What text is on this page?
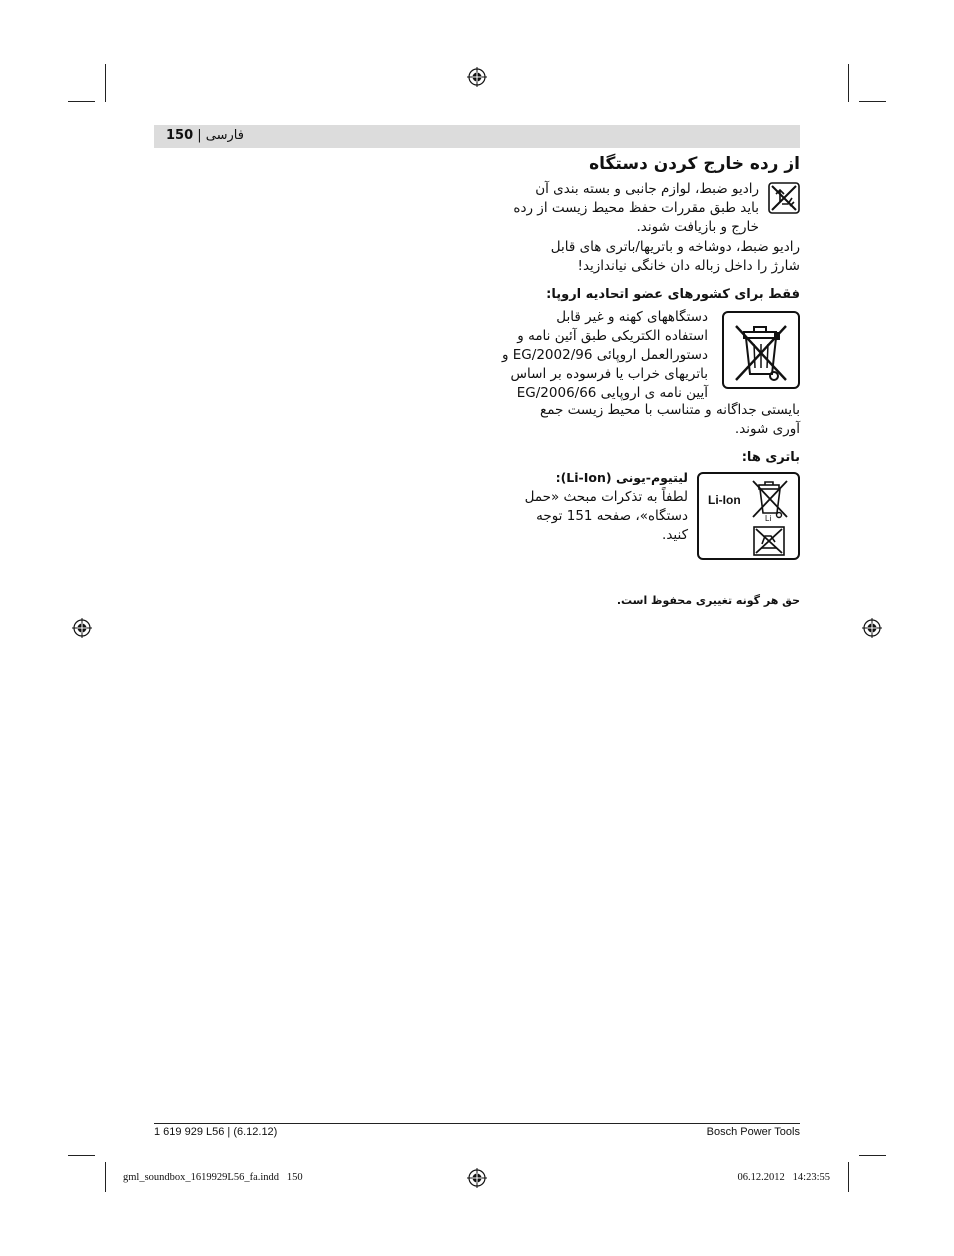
150 | فارسی
از رده خارج کردن دستگاه
رادیو ضبط، لوازم جانبی و بسته بندی آن
باید طبق مقررات حفظ محیط زیست از رده
خارج و بازیافت شوند.
رادیو ضبط، دوشاخه و باتریها/باتری های قابل
شارژ را داخل زباله دان خانگی نیاندازید!
فقط برای کشورهای عضو اتحادیه اروپا:
دستگاههای کهنه و غیر قابل
استفاده الکتریکی طبق آئین نامه و
دستورالعمل اروپائی 2002/96/EG و
باتریهای خراب یا فرسوده بر اساس
آیین نامه ی اروپایی 2006/66/EG
بایستی جداگانه و متناسب با محیط زیست جمع
آوری شوند.
باتری ها:
Li-Ion
Li
لیتیوم-یونی (Li-Ion):
لطفاً به تذکرات مبحث «حمل
دستگاه»، صفحه 151 توجه
کنید.
حق هر گونه تغییری محفوظ است.
1 619 929 L56 | (6.12.12)	Bosch Power Tools
gml_soundbox_1619929L56_fa.indd   150	06.12.2012   14:23:55
